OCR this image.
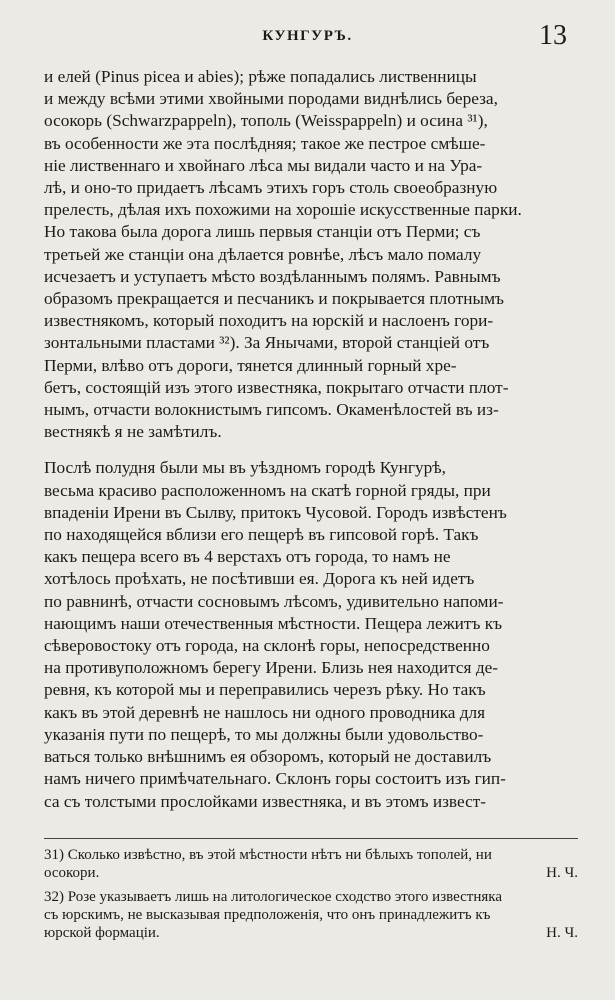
КУНГУРЪ.	13

и елей (Pinus picea и abies); рѣже попадались лиственницы
и между всѣми этими хвойными породами виднѣлись береза,
осокорь (Schwarzpappeln), тополь (Weisspappeln) и осина ³¹),
въ особенности же эта послѣдняя; такое же пестрое смѣше-
ніе лиственнаго и хвойнаго лѣса мы видали часто и на Ура-
лѣ, и оно-то придаетъ лѣсамъ этихъ горъ столь своеобразную
прелесть, дѣлая ихъ похожими на хорошіе искусственные парки.
Но такова была дорога лишь первыя станціи отъ Перми; съ
третьей же станціи она дѣлается ровнѣе, лѣсъ мало помалу
исчезаетъ и уступаетъ мѣсто воздѣланнымъ полямъ. Равнымъ
образомъ прекращается и песчаникъ и покрывается плотнымъ
известнякомъ, который походитъ на юрскій и наслоенъ гори-
зонтальными пластами ³²). За Янычами, второй станціей отъ
Перми, влѣво отъ дороги, тянется длинный горный хре-
бетъ, состоящій изъ этого известняка, покрытаго отчасти плот-
нымъ, отчасти волокнистымъ гипсомъ. Окаменѣлостей въ из-
вестнякѣ я не замѣтилъ.

Послѣ полудня были мы въ уѣздномъ городѣ Кунгурѣ,
весьма красиво расположенномъ на скатѣ горной гряды, при
впаденіи Ирени въ Сылву, притокъ Чусовой. Городъ извѣстенъ
по находящейся вблизи его пещерѣ въ гипсовой горѣ. Такъ
какъ пещера всего въ 4 верстахъ отъ города, то намъ не
хотѣлось проѣхать, не посѣтивши ея. Дорога къ ней идетъ
по равнинѣ, отчасти сосновымъ лѣсомъ, удивительно напоми-
нающимъ наши отечественныя мѣстности. Пещера лежитъ къ
сѣверовостоку отъ города, на склонѣ горы, непосредственно
на противуположномъ берегу Ирени. Близь нея находится де-
ревня, къ которой мы и переправились черезъ рѣку. Но такъ
какъ въ этой деревнѣ не нашлось ни одного проводника для
указанія пути по пещерѣ, то мы должны были удовольство-
ваться только внѣшнимъ ея обзоромъ, который не доставилъ
намъ ничего примѣчательнаго. Склонъ горы состоитъ изъ гип-
са съ толстыми прослойками известняка, и въ этомъ извест-

31) Сколько извѣстно, въ этой мѣстности нѣтъ ни бѣлыхъ тополей, ни
осокори.	Н. Ч.
32) Розе указываетъ лишь на литологическое сходство этого известняка
съ юрскимъ, не высказывая предположенія, что онъ принадлежитъ къ
юрской формаціи.	Н. Ч.
